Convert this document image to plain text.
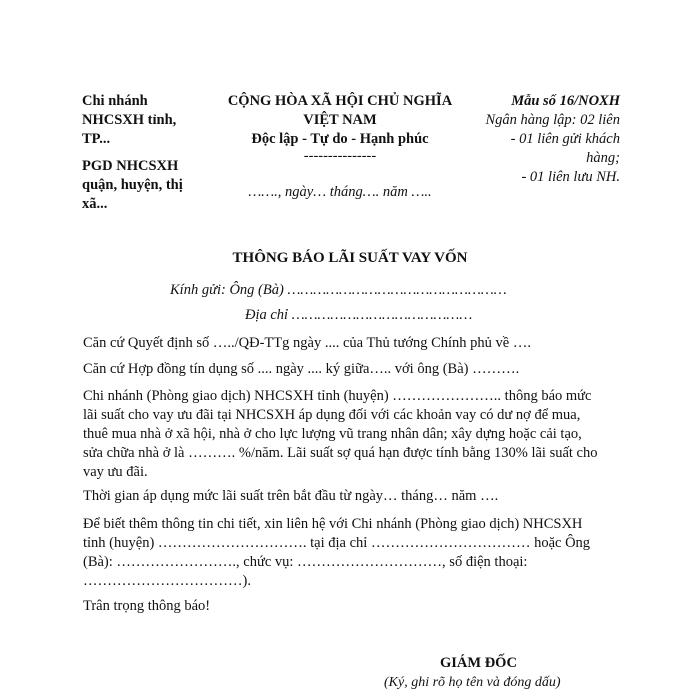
Chi nhánh
NHCSXH tỉnh,
TP...
PGD NHCSXH
quận, huyện, thị
xã...
CỘNG HÒA XÃ HỘI CHỦ NGHĨA
VIỆT NAM
Độc lập - Tự do - Hạnh phúc
---------------
……., ngày… tháng…. năm …..
Mẫu số 16/NOXH
Ngân hàng lập: 02 liên
- 01 liên gửi khách
hàng;
- 01 liên lưu NH.
THÔNG BÁO LÃI SUẤT VAY VỐN
Kính gửi: Ông (Bà) ……………………………………………
Địa chỉ ……………………………………
Căn cứ Quyết định số …../QĐ-TTg ngày .... của Thủ tướng Chính phủ về ….
Căn cứ Hợp đồng tín dụng số .... ngày .... ký giữa….. với ông (Bà) ……….
Chi nhánh (Phòng giao dịch) NHCSXH tỉnh (huyện) ………………….. thông báo mức
lãi suất cho vay ưu đãi tại NHCSXH áp dụng đối với các khoản vay có dư nợ để mua,
thuê mua nhà ở xã hội, nhà ở cho lực lượng vũ trang nhân dân; xây dựng hoặc cải tạo,
sửa chữa nhà ở là ………. %/năm. Lãi suất sợ quá hạn được tính bằng 130% lãi suất cho
vay ưu đãi.
Thời gian áp dụng mức lãi suất trên bắt đầu từ ngày… tháng… năm ….
Để biết thêm thông tin chi tiết, xin liên hệ với Chi nhánh (Phòng giao dịch) NHCSXH
tỉnh (huyện) …………………………. tại địa chỉ …………………………… hoặc Ông
(Bà): ……………………., chức vụ: …………………………, số điện thoại:
……………………………).
Trân trọng thông báo!
GIÁM ĐỐC
(Ký, ghi rõ họ tên và đóng dấu)
